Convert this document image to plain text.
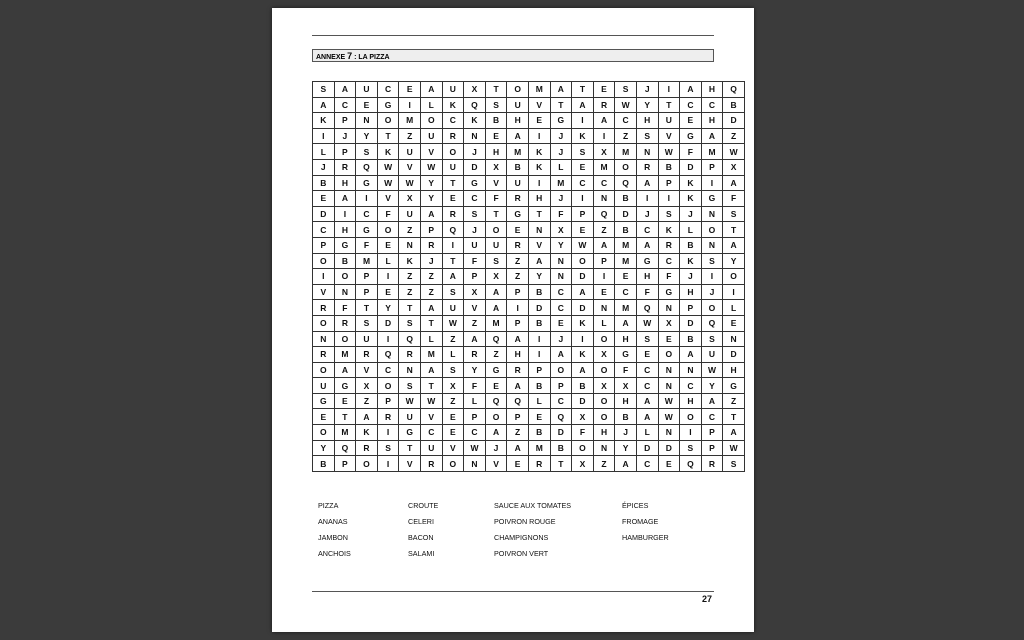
ANNEXE 7 : LA PIZZA
S	A	U	C	E	A	U	X	T	O	M	A	T	E	S	J	I	A	H	Q
A	C	E	G	I	L	K	Q	S	U	V	T	A	R	W	Y	T	C	C	B
K	P	N	O	M	O	C	K	B	H	E	G	I	A	C	H	U	E	H	D
I	J	Y	T	Z	U	R	N	E	A	I	J	K	I	Z	S	V	G	A	Z
L	P	S	K	U	V	O	J	H	M	K	J	S	X	M	N	W	F	M	W
J	R	Q	W	V	W	U	D	X	B	K	L	E	M	O	R	B	D	P	X
B	H	G	W	W	Y	T	G	V	U	I	M	C	C	Q	A	P	K	I	A
E	A	I	V	X	Y	E	C	F	R	H	J	I	N	B	I	I	K	G	F
D	I	C	F	U	A	R	S	T	G	T	F	P	Q	D	J	S	J	N	S
C	H	G	O	Z	P	Q	J	O	E	N	X	E	Z	B	C	K	L	O	T
P	G	F	E	N	R	I	U	U	R	V	Y	W	A	M	A	R	B	N	A
O	B	M	L	K	J	T	F	S	Z	A	N	O	P	M	G	C	K	S	Y
I	O	P	I	Z	Z	A	P	X	Z	Y	N	D	I	E	H	F	J	I	O
V	N	P	E	Z	Z	S	X	A	P	B	C	A	E	C	F	G	H	J	I
R	F	T	Y	T	A	U	V	A	I	D	C	D	N	M	Q	N	P	O	L
O	R	S	D	S	T	W	Z	M	P	B	E	K	L	A	W	X	D	Q	E
N	O	U	I	Q	L	Z	A	Q	A	I	J	I	O	H	S	E	B	S	N
R	M	R	Q	R	M	L	R	Z	H	I	A	K	X	G	E	O	A	U	D
O	A	V	C	N	A	S	Y	G	R	P	O	A	O	F	C	N	N	W	H
U	G	X	O	S	T	X	F	E	A	B	P	B	X	X	C	N	C	Y	G
G	E	Z	P	W	W	Z	L	Q	Q	L	C	D	O	H	A	W	H	A	Z
E	T	A	R	U	V	E	P	O	P	E	Q	X	O	B	A	W	O	C	T
O	M	K	I	G	C	E	C	A	Z	B	D	F	H	J	L	N	I	P	A
Y	Q	R	S	T	U	V	W	J	A	M	B	O	N	Y	D	D	S	P	W
B	P	O	I	V	R	O	N	V	E	R	T	X	Z	A	C	E	Q	R	S
PIZZA
ANANAS
JAMBON
ANCHOIS
CROUTE
CELERI
BACON
SALAMI
SAUCE AUX TOMATES
POIVRON ROUGE
CHAMPIGNONS
POIVRON VERT
ÉPICES
FROMAGE
HAMBURGER
27
